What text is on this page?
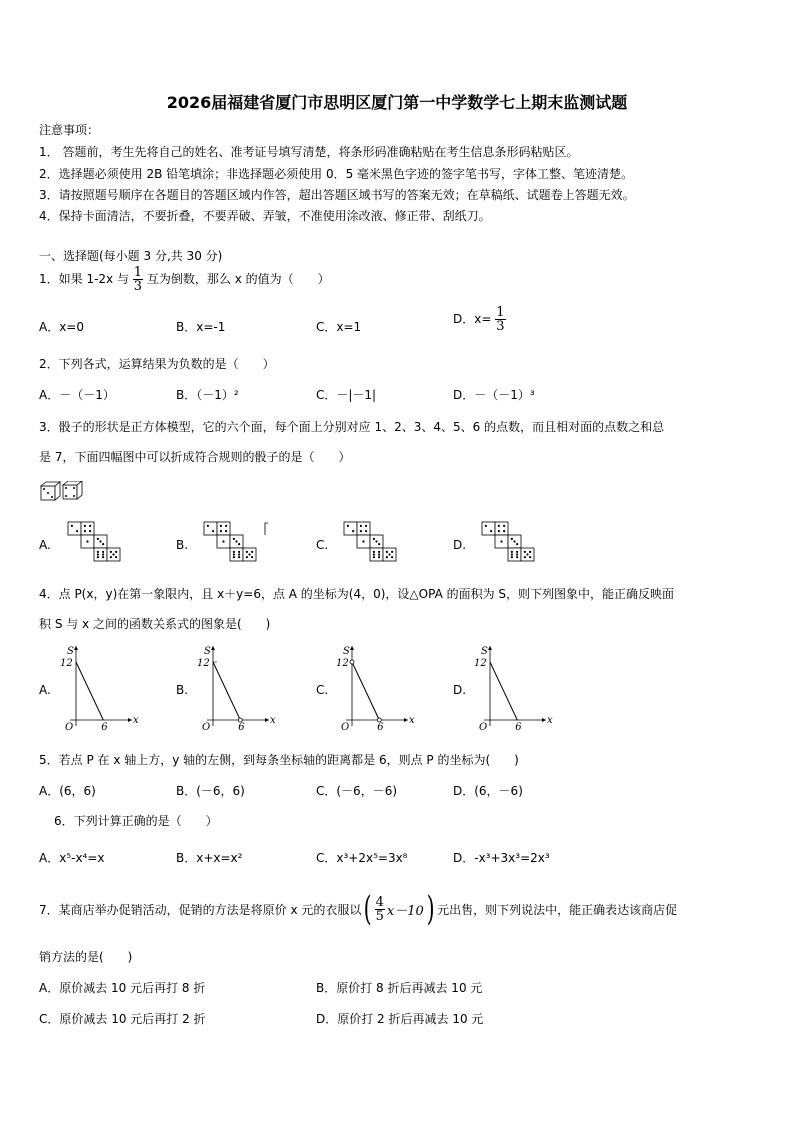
2026届福建省厦门市思明区厦门第一中学数学七上期末监测试题
注意事项：
1． 答题前，考生先将自己的姓名、准考证号填写清楚，将条形码准确粘贴在考生信息条形码粘贴区。
2．选择题必须使用 2B 铅笔填涂；非选择题必须使用 0．5 毫米黑色字迹的签字笔书写，字体工整、笔迹清楚。
3．请按照题号顺序在各题目的答题区域内作答，超出答题区域书写的答案无效；在草稿纸、试题卷上答题无效。
4．保持卡面清洁，不要折叠，不要弄破、弄皱，不准使用涂改液、修正带、刮纸刀。
一、选择题(每小题 3 分,共 30 分)
1．如果 1-2x 与 $\frac{1}{3}$ 互为倒数，那么 x 的值为（　　）
A．x=0	B．x=-1	C．x=1
D．$x= \frac{1}{3}$
2．下列各式，运算结果为负数的是（　　）
A．－（－1）	B．（－1）²	C．－|－1|	D．－（－1）³
3．骰子的形状是正方体模型，它的六个面，每个面上分别对应 1、2、3、4、5、6 的点数，而且相对面的点数之和总
是 7，下面四幅图中可以折成符合规则的骰子的是（　　）
A.	B.	C.	D.
4．点 P(x，y)在第一象限内，且 x＋y=6，点 A 的坐标为(4，0)，设△OPA 的面积为 S，则下列图象中，能正确反映面
积 S 与 x 之间的函数关系式的图象是(　　)
A.	B.	C.	D.
S
x
O
12
6
S
x
O
12
6
S
x
O
12
6
S
x
O
12
6
5．若点 P 在 x 轴上方，y 轴的左侧，到每条坐标轴的距离都是 6，则点 P 的坐标为(　　)
A．(6，6)	B．(－6，6)	C．(－6，－6)	D．(6，－6)
6．下列计算正确的是（　　）
A．x⁵-x⁴=x	B．x+x=x²	C．x³+2x⁵=3x⁸	D．-x³+3x³=2x³
7．某商店举办促销活动，促销的方法是将原价 x 元的衣服以 ( $\frac{4}{5} x-10$ ) 元出售，则下列说法中，能正确表达该商店促
销方法的是(　　)
A．原价减去 10 元后再打 8 折	B．原价打 8 折后再减去 10 元
C．原价减去 10 元后再打 2 折	D．原价打 2 折后再减去 10 元
